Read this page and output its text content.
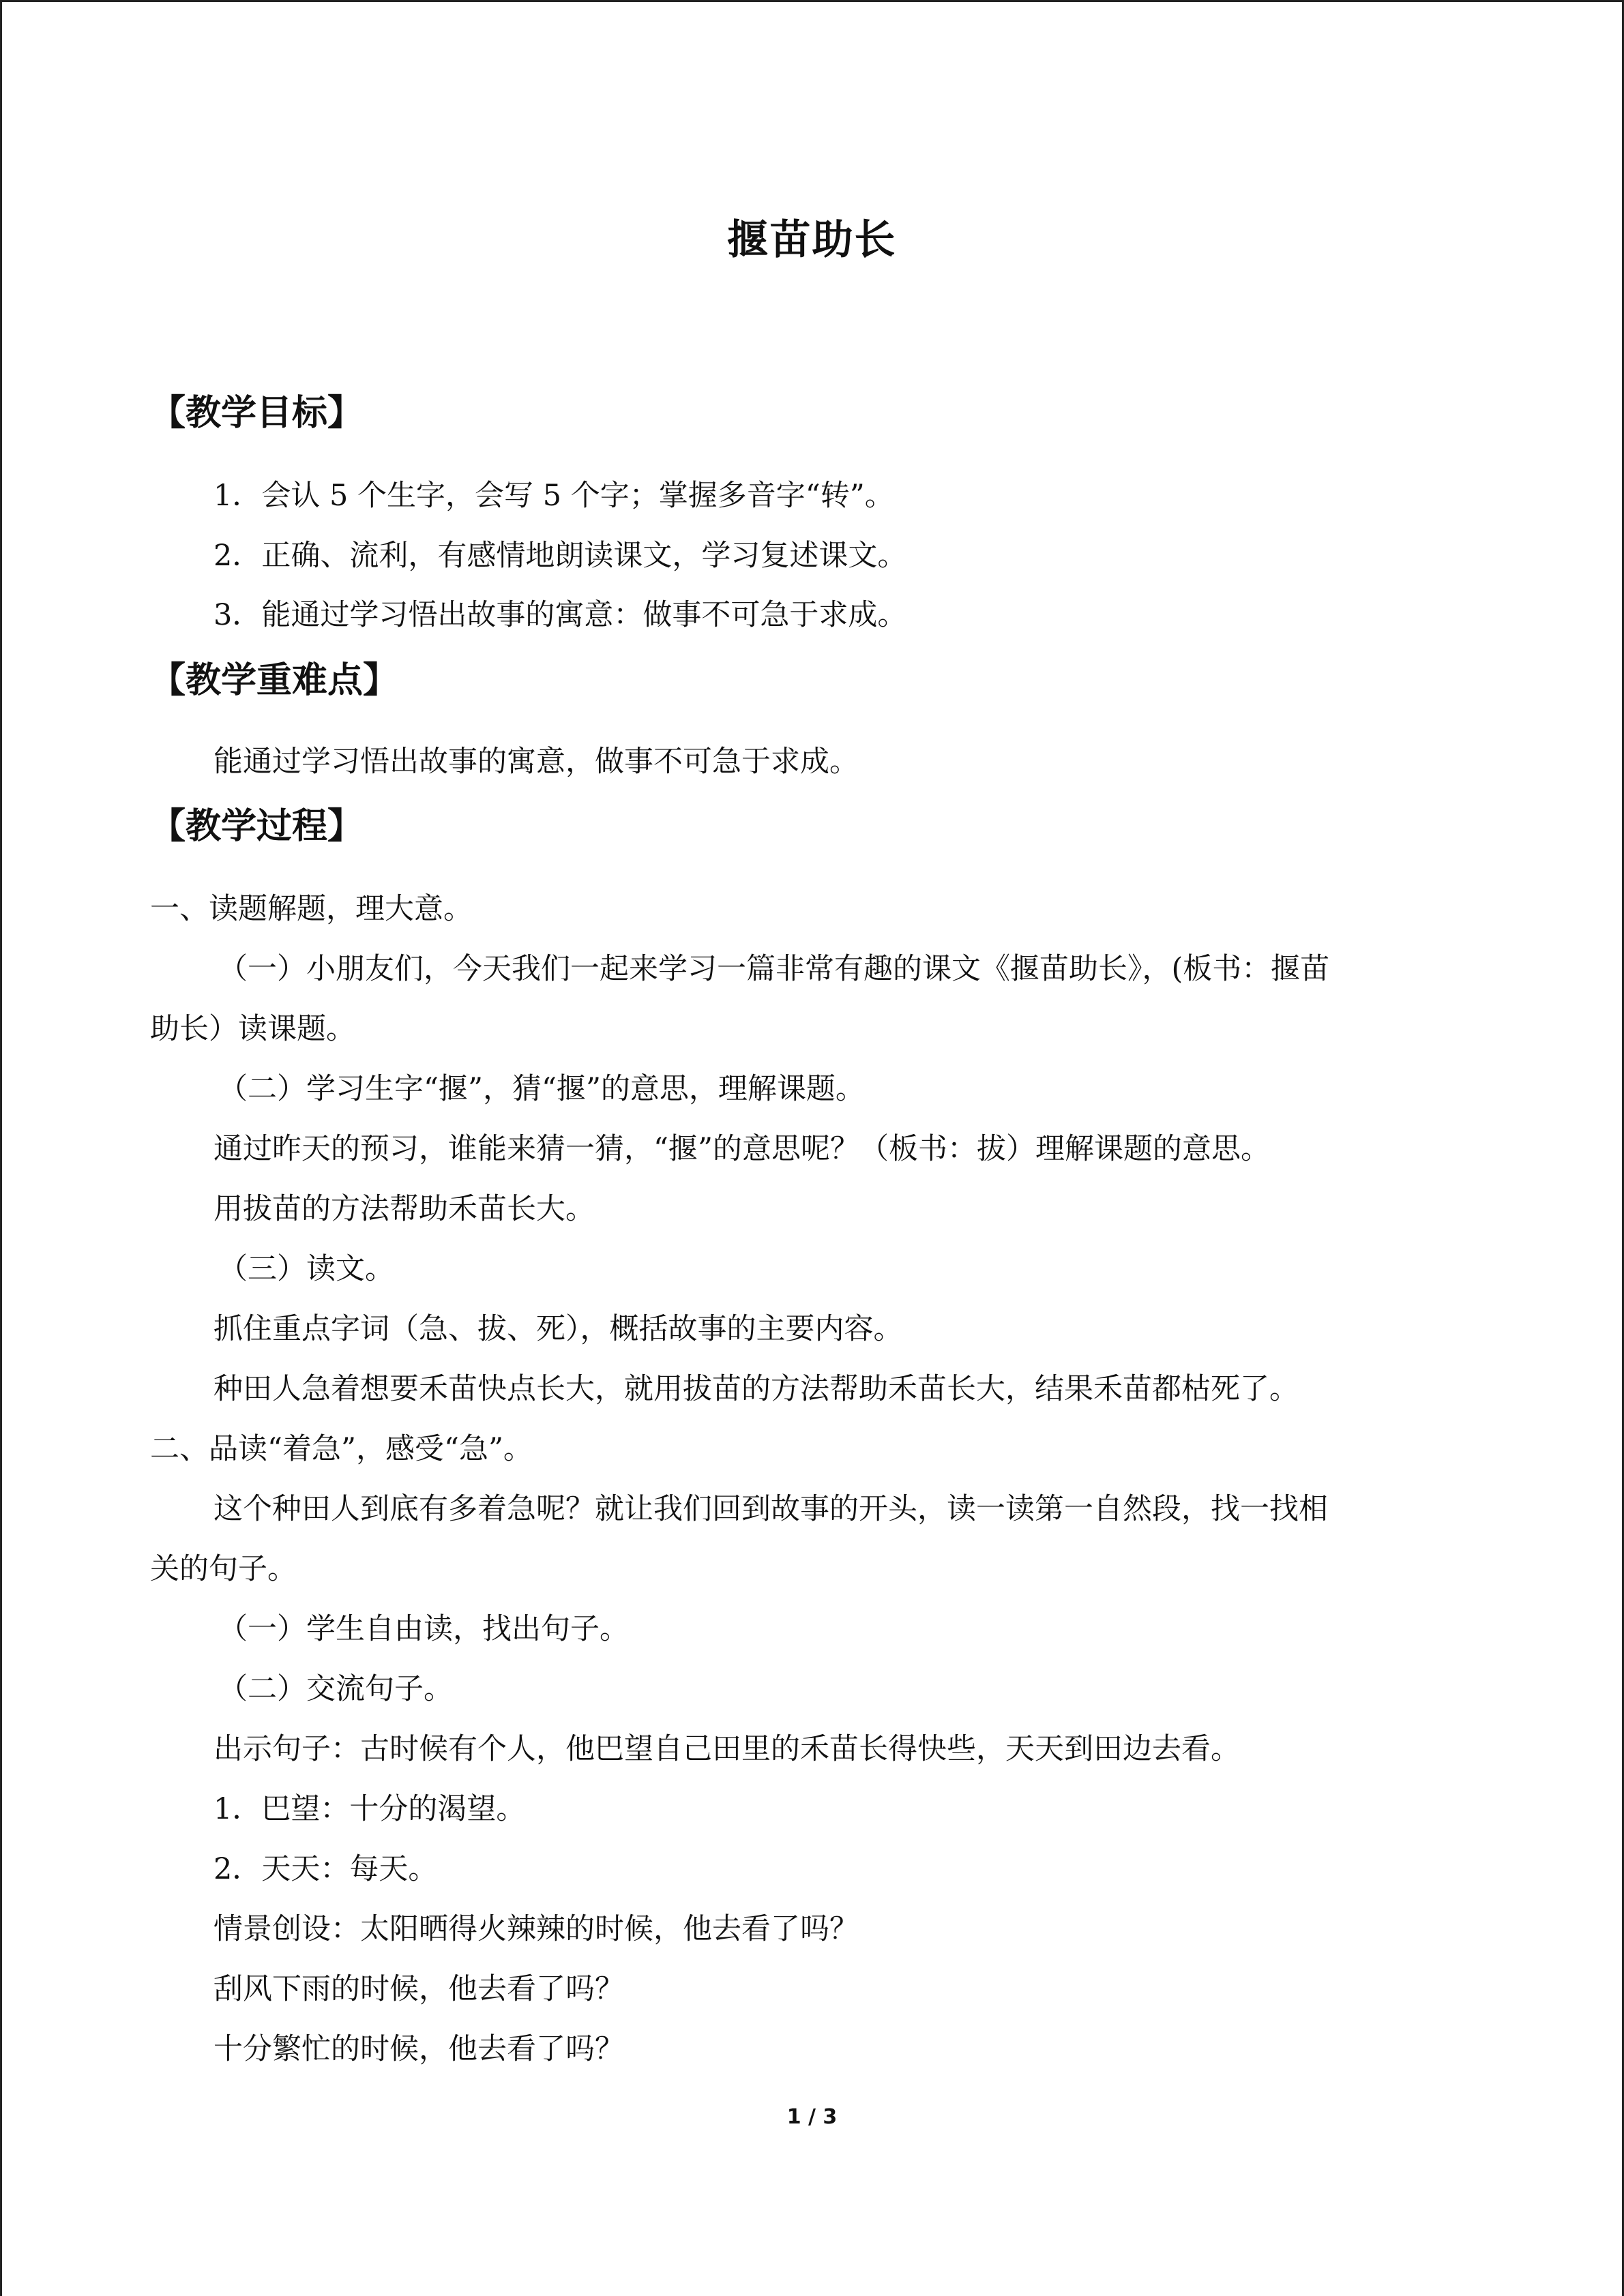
揠苗助长
【教学目标】
1．会认 5 个生字，会写 5 个字；掌握多音字“转”。
2．正确、流利，有感情地朗读课文，学习复述课文。
3．能通过学习悟出故事的寓意：做事不可急于求成。
【教学重难点】
能通过学习悟出故事的寓意，做事不可急于求成。
【教学过程】
一、读题解题，理大意。
（一）小朋友们，今天我们一起来学习一篇非常有趣的课文《揠苗助长》，(板书：揠苗
助长）读课题。
（二）学习生字“揠”，猜“揠”的意思，理解课题。
通过昨天的预习，谁能来猜一猜，“揠”的意思呢？（板书：拔）理解课题的意思。
用拔苗的方法帮助禾苗长大。
（三）读文。
抓住重点字词（急、拔、死），概括故事的主要内容。
种田人急着想要禾苗快点长大，就用拔苗的方法帮助禾苗长大，结果禾苗都枯死了。
二、品读“着急”，感受“急”。
这个种田人到底有多着急呢？就让我们回到故事的开头，读一读第一自然段，找一找相
关的句子。
（一）学生自由读，找出句子。
（二）交流句子。
出示句子：古时候有个人，他巴望自己田里的禾苗长得快些，天天到田边去看。
1．巴望：十分的渴望。
2．天天：每天。
情景创设：太阳晒得火辣辣的时候，他去看了吗？
刮风下雨的时候，他去看了吗？
十分繁忙的时候，他去看了吗？
1 / 3
